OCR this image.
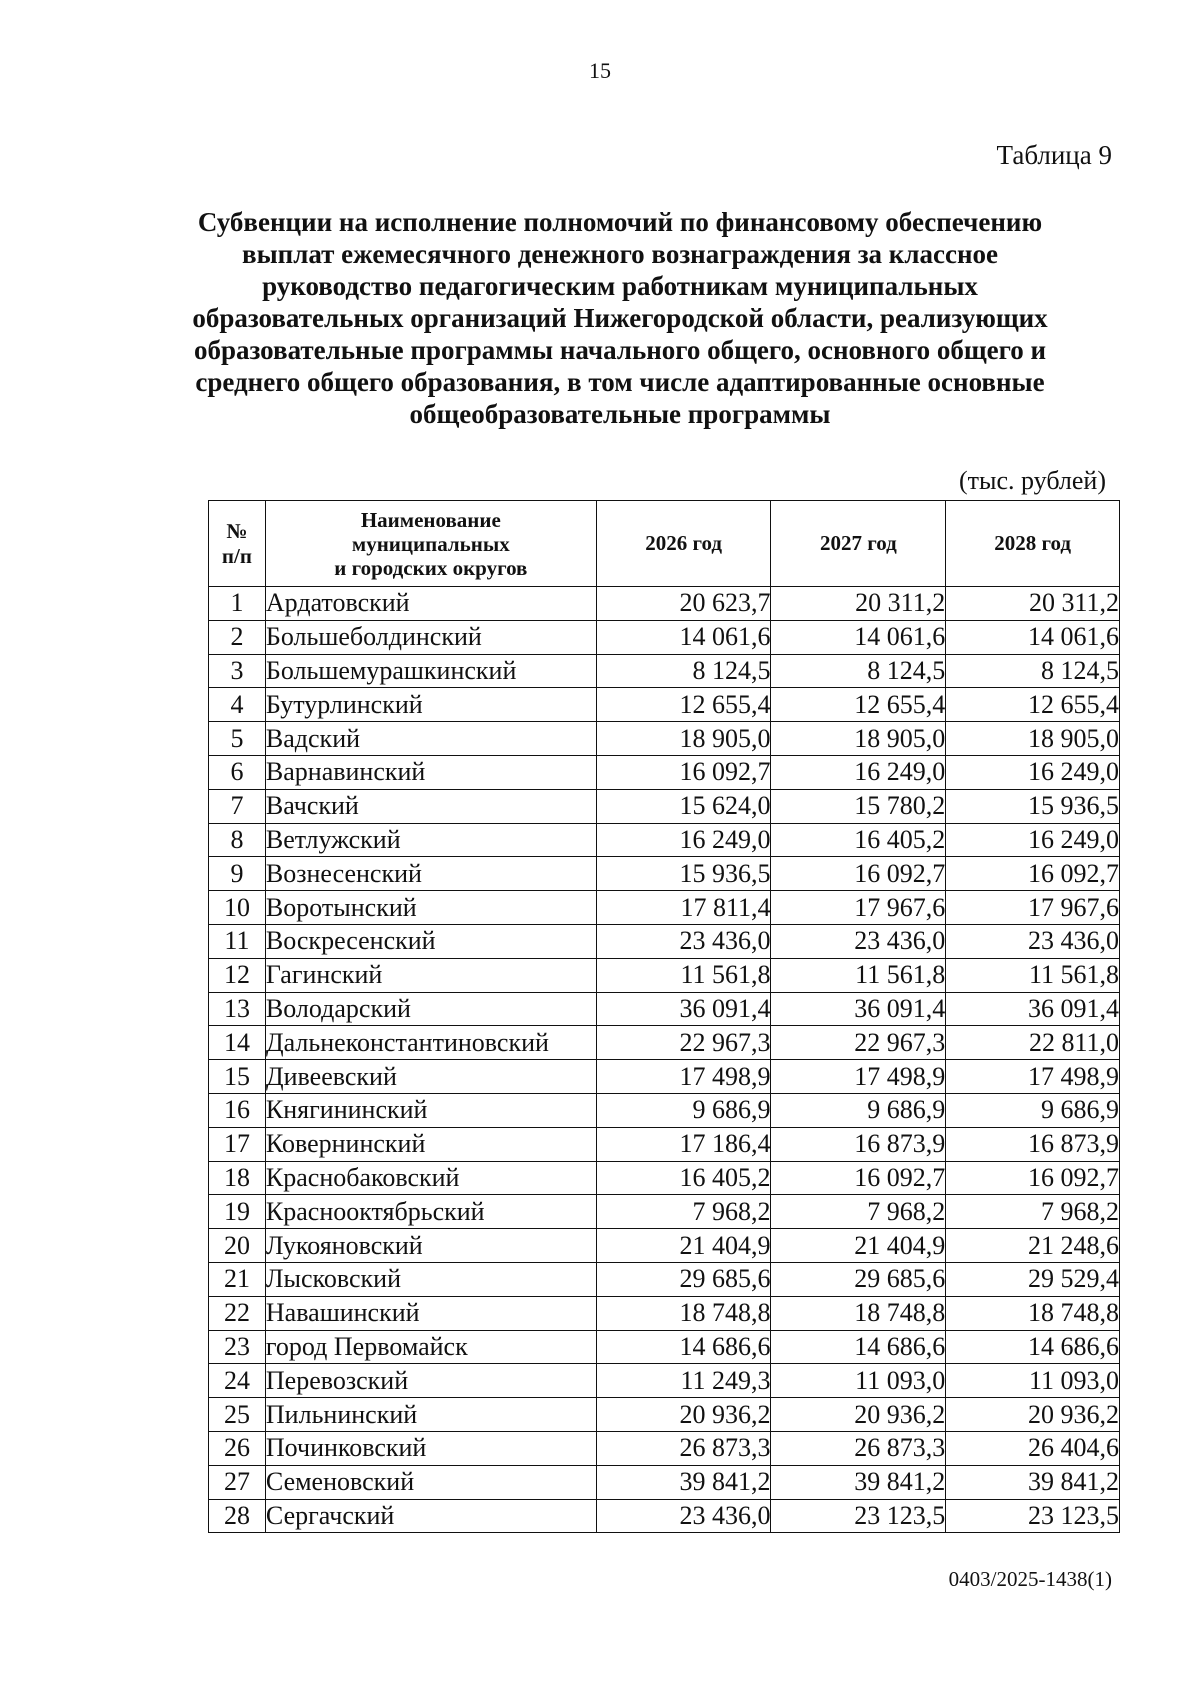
15
Таблица 9
Субвенции на исполнение полномочий по финансовому обеспечению
выплат ежемесячного денежного вознаграждения за классное
руководство педагогическим работникам муниципальных
образовательных организаций Нижегородской области, реализующих
образовательные программы начального общего, основного общего и
среднего общего образования, в том числе адаптированные основные
общеобразовательные программы
(тыс. рублей)
№
п/п	Наименование
муниципальных
и городских округов	2026 год	2027 год	2028 год
1	Ардатовский	20 623,7	20 311,2	20 311,2
2	Большеболдинский	14 061,6	14 061,6	14 061,6
3	Большемурашкинский	8 124,5	8 124,5	8 124,5
4	Бутурлинский	12 655,4	12 655,4	12 655,4
5	Вадский	18 905,0	18 905,0	18 905,0
6	Варнавинский	16 092,7	16 249,0	16 249,0
7	Вачский	15 624,0	15 780,2	15 936,5
8	Ветлужский	16 249,0	16 405,2	16 249,0
9	Вознесенский	15 936,5	16 092,7	16 092,7
10	Воротынский	17 811,4	17 967,6	17 967,6
11	Воскресенский	23 436,0	23 436,0	23 436,0
12	Гагинский	11 561,8	11 561,8	11 561,8
13	Володарский	36 091,4	36 091,4	36 091,4
14	Дальнеконстантиновский	22 967,3	22 967,3	22 811,0
15	Дивеевский	17 498,9	17 498,9	17 498,9
16	Княгининский	9 686,9	9 686,9	9 686,9
17	Ковернинский	17 186,4	16 873,9	16 873,9
18	Краснобаковский	16 405,2	16 092,7	16 092,7
19	Краснооктябрьский	7 968,2	7 968,2	7 968,2
20	Лукояновский	21 404,9	21 404,9	21 248,6
21	Лысковский	29 685,6	29 685,6	29 529,4
22	Навашинский	18 748,8	18 748,8	18 748,8
23	город Первомайск	14 686,6	14 686,6	14 686,6
24	Перевозский	11 249,3	11 093,0	11 093,0
25	Пильнинский	20 936,2	20 936,2	20 936,2
26	Починковский	26 873,3	26 873,3	26 404,6
27	Семеновский	39 841,2	39 841,2	39 841,2
28	Сергачский	23 436,0	23 123,5	23 123,5
0403/2025-1438(1)
